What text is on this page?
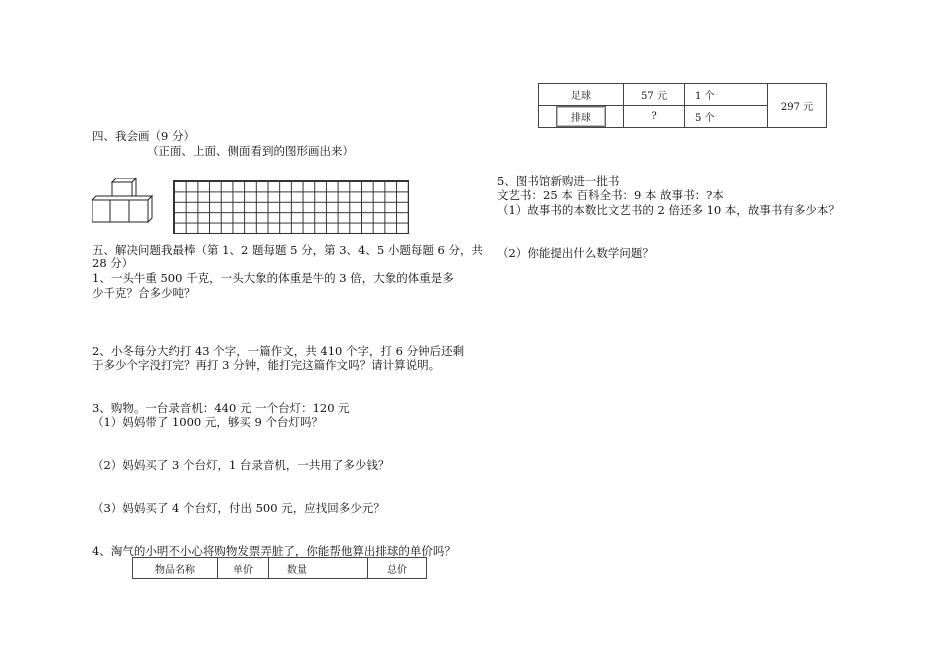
足球	57 元	1 个	297 元
排球	?	5 个	
四、我会画（9 分）
（正面、上面、侧面看到的图形画出来）
五、解决问题我最棒（第 1、2 题每题 5 分，第 3、4、5 小题每题 6 分，共
28 分）
1、一头牛重 500 千克，一头大象的体重是牛的 3 倍，大象的体重是多
少千克？合多少吨？
2、小冬每分大约打 43 个字，一篇作文，共 410 个字，打 6 分钟后还剩
于多少个字没打完？再打 3 分钟，能打完这篇作文吗？请计算说明。
3、购物。一台录音机：440 元 一个台灯：120 元
（1）妈妈带了 1000 元，够买 9 个台灯吗？
（2）妈妈买了 3 个台灯，1 台录音机，一共用了多少钱？
（3）妈妈买了 4 个台灯，付出 500 元，应找回多少元？
4、淘气的小明不小心将购物发票弄脏了，你能帮他算出排球的单价吗？
物品名称	单价	数量	总价
5、图书馆新购进一批书
文艺书：25 本 百科全书：9 本 故事书：?本
（1）故事书的本数比文艺书的 2 倍还多 10 本，故事书有多少本？
（2）你能提出什么数学问题？
